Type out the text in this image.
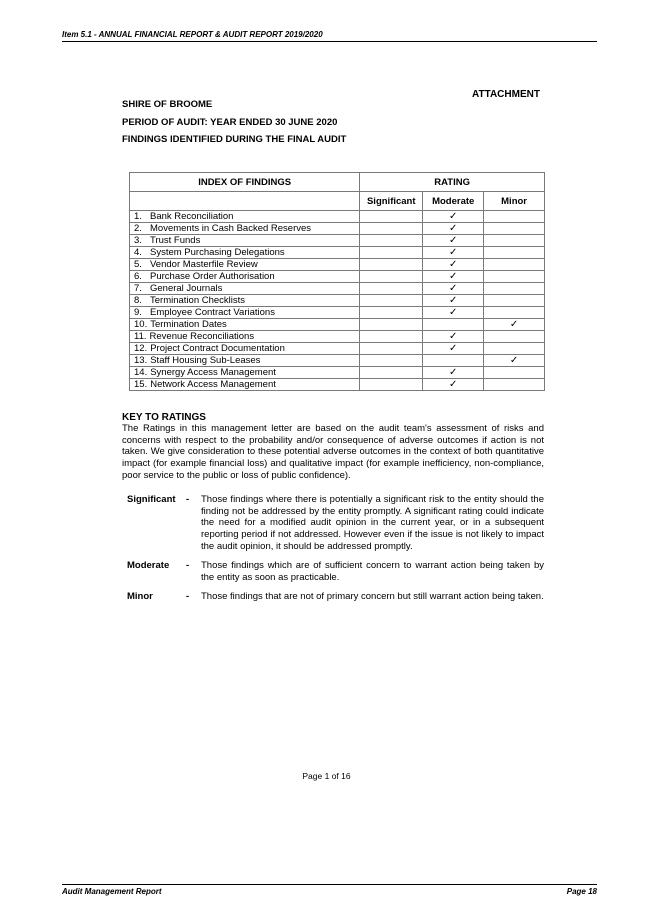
Item 5.1 - ANNUAL FINANCIAL REPORT & AUDIT REPORT 2019/2020
ATTACHMENT
SHIRE OF BROOME
PERIOD OF AUDIT: YEAR ENDED 30 JUNE 2020
FINDINGS IDENTIFIED DURING THE FINAL AUDIT
INDEX OF FINDINGS	RATING		
	Significant	Moderate	Minor
1. Bank Reconciliation		✓	
2. Movements in Cash Backed Reserves		✓	
3. Trust Funds		✓	
4. System Purchasing Delegations		✓	
5. Vendor Masterfile Review		✓	
6. Purchase Order Authorisation		✓	
7. General Journals		✓	
8. Termination Checklists		✓	
9. Employee Contract Variations		✓	
10. Termination Dates			✓
11. Revenue Reconciliations		✓	
12. Project Contract Documentation		✓	
13. Staff Housing Sub-Leases			✓
14. Synergy Access Management		✓	
15. Network Access Management		✓	
KEY TO RATINGS

The Ratings in this management letter are based on the audit team's assessment of risks and concerns with respect to the probability and/or consequence of adverse outcomes if action is not taken. We give consideration to these potential adverse outcomes in the context of both quantitative impact (for example financial loss) and qualitative impact (for example inefficiency, non-compliance, poor service to the public or loss of public confidence).

Significant - Those findings where there is potentially a significant risk to the entity should the finding not be addressed by the entity promptly. A significant rating could indicate the need for a modified audit opinion in the current year, or in a subsequent reporting period if not addressed. However even if the issue is not likely to impact the audit opinion, it should be addressed promptly.
Moderate - Those findings which are of sufficient concern to warrant action being taken by the entity as soon as practicable.
Minor	- Those findings that are not of primary concern but still warrant action being taken.
Page 1 of 16
Audit Management Report	Page 18
